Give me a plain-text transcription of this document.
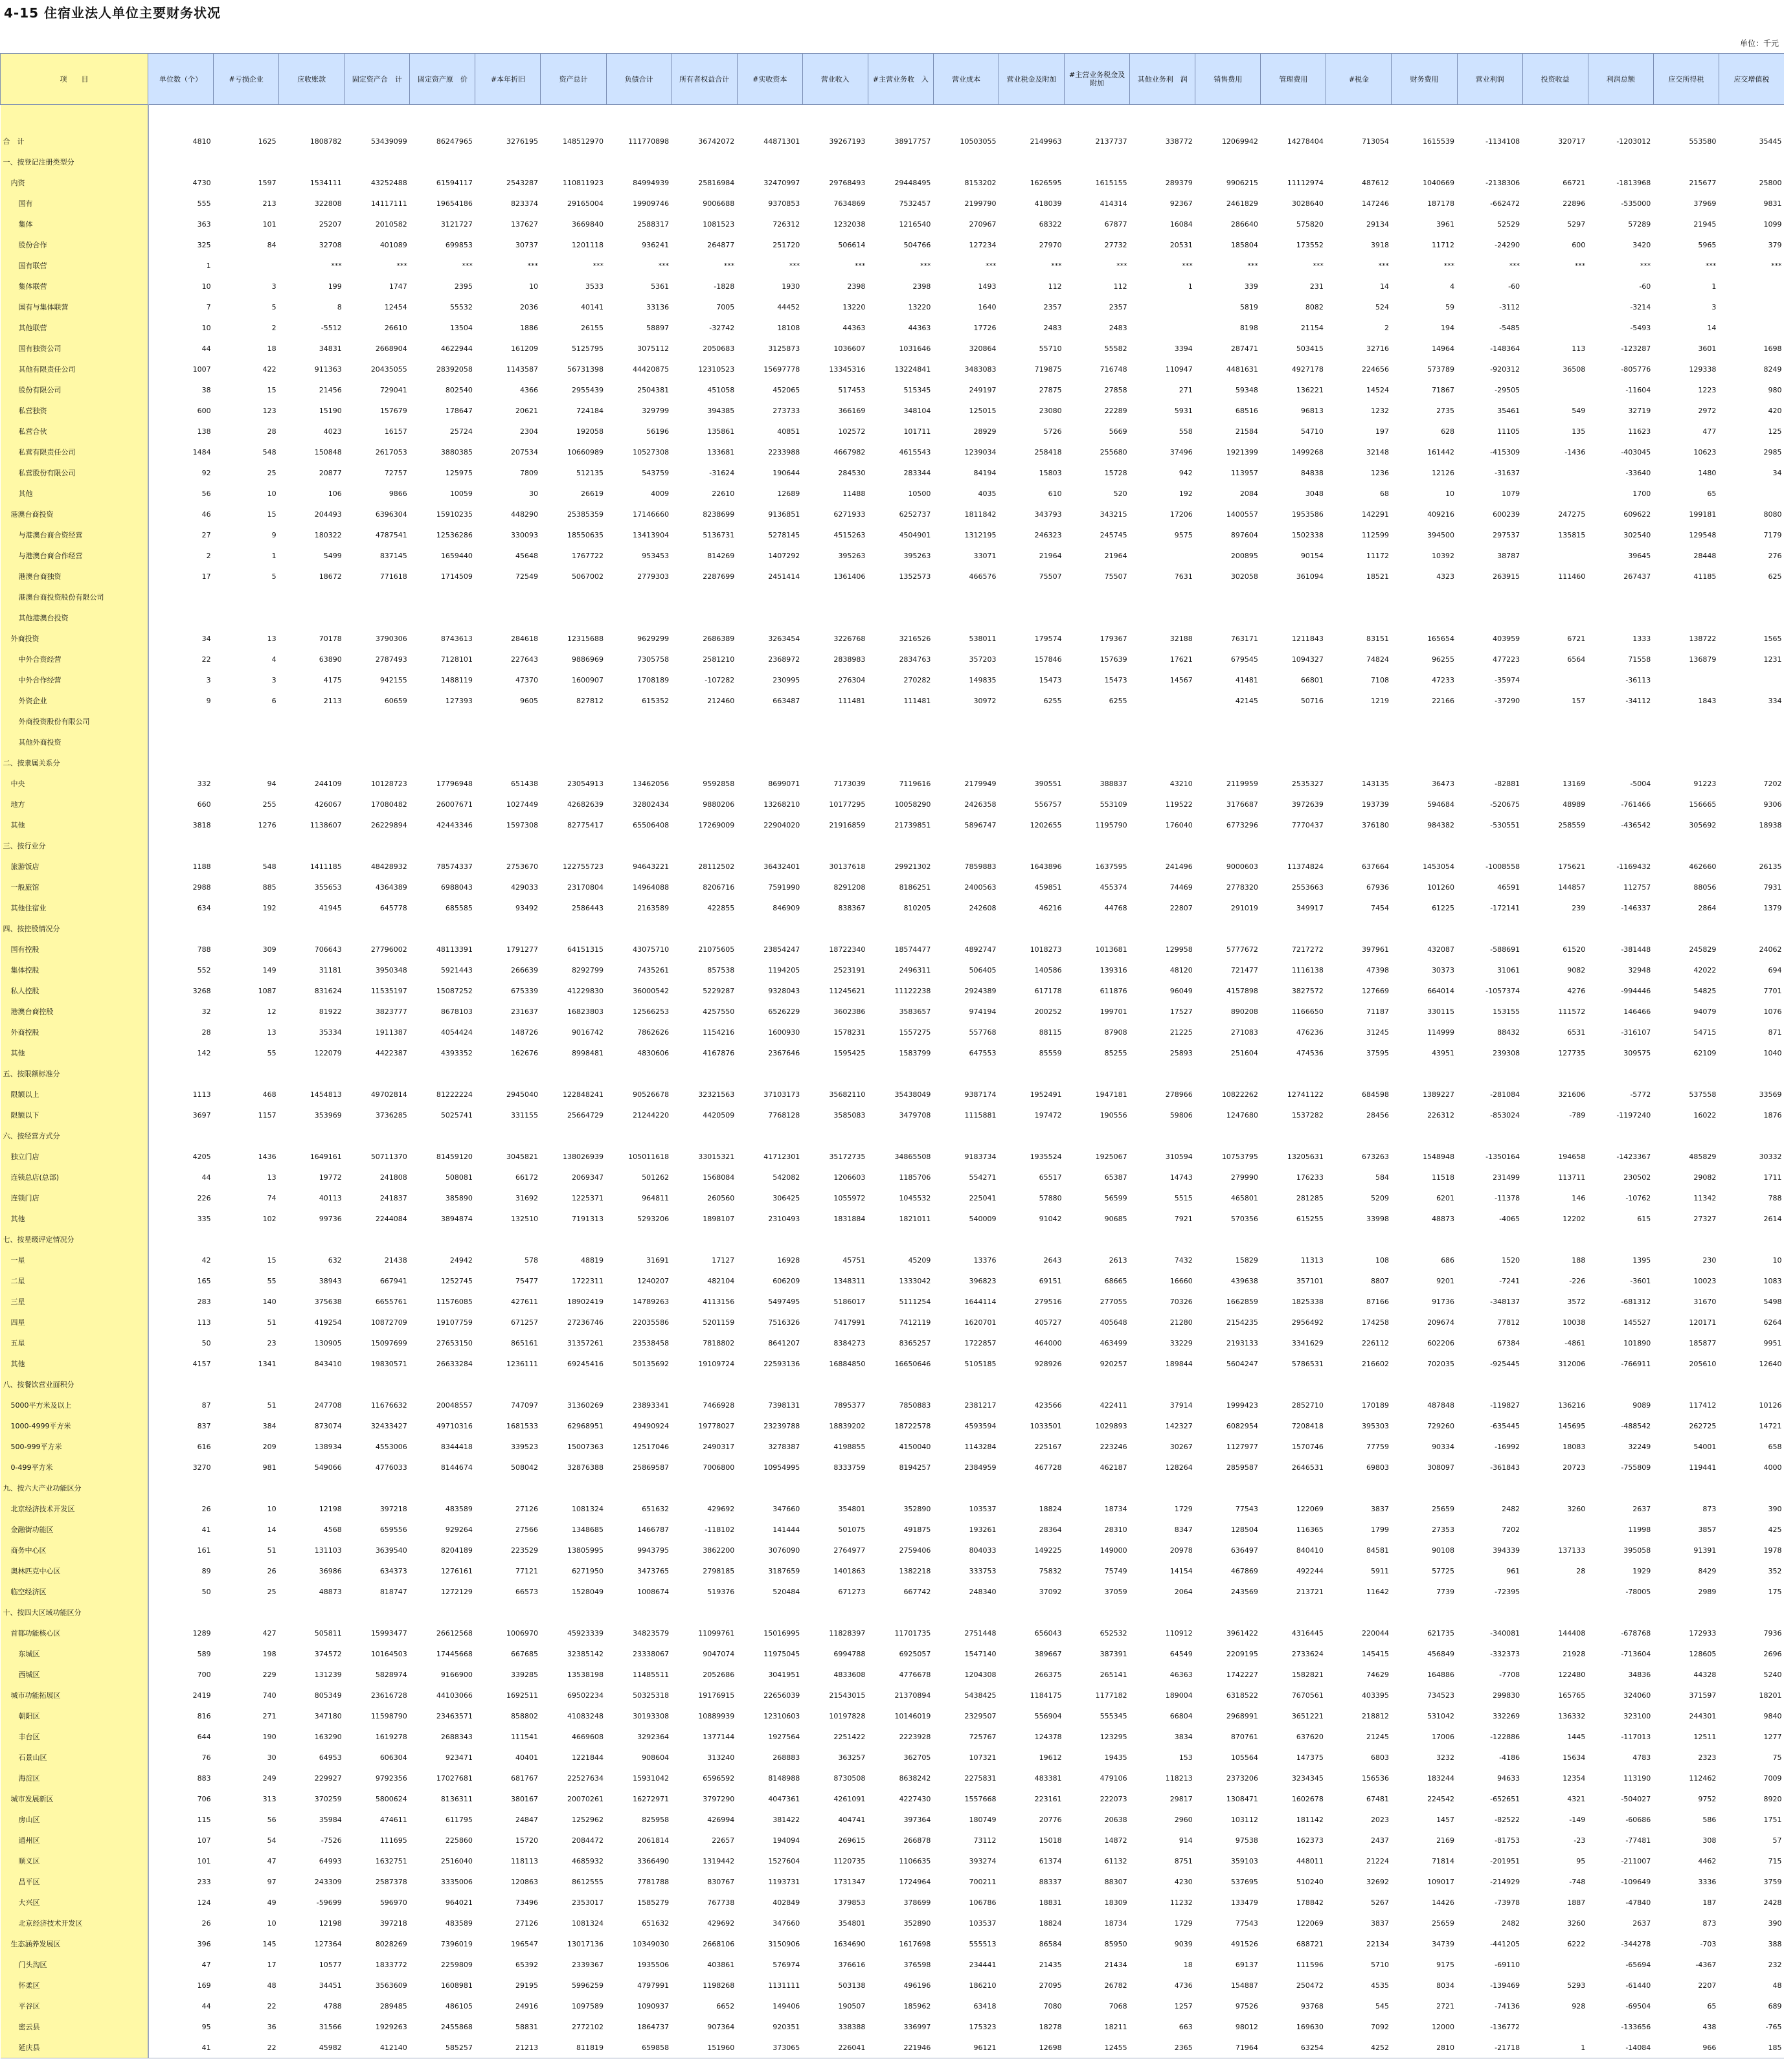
4-15 住宿业法人单位主要财务状况
单位：千元
项　　目	单位数（个）	#亏损企业	应收账款	固定资产合　计	固定资产原　价	#本年折旧	资产总计	负债合计	所有者权益合计	#实收资本	营业收入	#主营业务收　入	营业成本	营业税金及附加	#主营业务税金及附加	其他业务利　润	销售费用	管理费用	#税金	财务费用	营业利润	投资收益	利润总额	应交所得税	应交增值税

合　计	4810	1625	1808782	53439099	86247965	3276195	148512970	111770898	36742072	44871301	39267193	38917757	10503055	2149963	2137737	338772	12069942	14278404	713054	1615539	-1134108	320717	-1203012	553580	35445
一、按登记注册类型分																									
内资	4730	1597	1534111	43252488	61594117	2543287	110811923	84994939	25816984	32470997	29768493	29448495	8153202	1626595	1615155	289379	9906215	11112974	487612	1040669	-2138306	66721	-1813968	215677	25800
国有	555	213	322808	14117111	19654186	823374	29165004	19909746	9006688	9370853	7634869	7532457	2199790	418039	414314	92367	2461829	3028640	147246	187178	-662472	22896	-535000	37969	9831
集体	363	101	25207	2010582	3121727	137627	3669840	2588317	1081523	726312	1232038	1216540	270967	68322	67877	16084	286640	575820	29134	3961	52529	5297	57289	21945	1099
股份合作	325	84	32708	401089	699853	30737	1201118	936241	264877	251720	506614	504766	127234	27970	27732	20531	185804	173552	3918	11712	-24290	600	3420	5965	379
国有联营	1		***	***	***	***	***	***	***	***	***	***	***	***	***	***	***	***	***	***	***	***	***	***	***
集体联营	10	3	199	1747	2395	10	3533	5361	-1828	1930	2398	2398	1493	112	112	1	339	231	14	4	-60		-60	1	
国有与集体联营	7	5	8	12454	55532	2036	40141	33136	7005	44452	13220	13220	1640	2357	2357		5819	8082	524	59	-3112		-3214	3	
其他联营	10	2	-5512	26610	13504	1886	26155	58897	-32742	18108	44363	44363	17726	2483	2483		8198	21154	2	194	-5485		-5493	14	
国有独资公司	44	18	34831	2668904	4622944	161209	5125795	3075112	2050683	3125873	1036607	1031646	320864	55710	55582	3394	287471	503415	32716	14964	-148364	113	-123287	3601	1698
其他有限责任公司	1007	422	911363	20435055	28392058	1143587	56731398	44420875	12310523	15697778	13345316	13224841	3483083	719875	716748	110947	4481631	4927178	224656	573789	-920312	36508	-805776	129338	8249
股份有限公司	38	15	21456	729041	802540	4366	2955439	2504381	451058	452065	517453	515345	249197	27875	27858	271	59348	136221	14524	71867	-29505		-11604	1223	980
私营独资	600	123	15190	157679	178647	20621	724184	329799	394385	273733	366169	348104	125015	23080	22289	5931	68516	96813	1232	2735	35461	549	32719	2972	420
私营合伙	138	28	4023	16157	25724	2304	192058	56196	135861	40851	102572	101711	28929	5726	5669	558	21584	54710	197	628	11105	135	11623	477	125
私营有限责任公司	1484	548	150848	2617053	3880385	207534	10660989	10527308	133681	2233988	4667982	4615543	1239034	258418	255680	37496	1921399	1499268	32148	161442	-415309	-1436	-403045	10623	2985
私营股份有限公司	92	25	20877	72757	125975	7809	512135	543759	-31624	190644	284530	283344	84194	15803	15728	942	113957	84838	1236	12126	-31637		-33640	1480	34
其他	56	10	106	9866	10059	30	26619	4009	22610	12689	11488	10500	4035	610	520	192	2084	3048	68	10	1079		1700	65	
港澳台商投资	46	15	204493	6396304	15910235	448290	25385359	17146660	8238699	9136851	6271933	6252737	1811842	343793	343215	17206	1400557	1953586	142291	409216	600239	247275	609622	199181	8080
与港澳台商合资经营	27	9	180322	4787541	12536286	330093	18550635	13413904	5136731	5278145	4515263	4504901	1312195	246323	245745	9575	897604	1502338	112599	394500	297537	135815	302540	129548	7179
与港澳台商合作经营	2	1	5499	837145	1659440	45648	1767722	953453	814269	1407292	395263	395263	33071	21964	21964		200895	90154	11172	10392	38787		39645	28448	276
港澳台商独资	17	5	18672	771618	1714509	72549	5067002	2779303	2287699	2451414	1361406	1352573	466576	75507	75507	7631	302058	361094	18521	4323	263915	111460	267437	41185	625
港澳台商投资股份有限公司																									
其他港澳台投资																									
外商投资	34	13	70178	3790306	8743613	284618	12315688	9629299	2686389	3263454	3226768	3216526	538011	179574	179367	32188	763171	1211843	83151	165654	403959	6721	1333	138722	1565
中外合资经营	22	4	63890	2787493	7128101	227643	9886969	7305758	2581210	2368972	2838983	2834763	357203	157846	157639	17621	679545	1094327	74824	96255	477223	6564	71558	136879	1231
中外合作经营	3	3	4175	942155	1488119	47370	1600907	1708189	-107282	230995	276304	270282	149835	15473	15473	14567	41481	66801	7108	47233	-35974		-36113		
外资企业	9	6	2113	60659	127393	9605	827812	615352	212460	663487	111481	111481	30972	6255	6255		42145	50716	1219	22166	-37290	157	-34112	1843	334
外商投资股份有限公司																									
其他外商投资																									
二、按隶属关系分																									
中央	332	94	244109	10128723	17796948	651438	23054913	13462056	9592858	8699071	7173039	7119616	2179949	390551	388837	43210	2119959	2535327	143135	36473	-82881	13169	-5004	91223	7202
地方	660	255	426067	17080482	26007671	1027449	42682639	32802434	9880206	13268210	10177295	10058290	2426358	556757	553109	119522	3176687	3972639	193739	594684	-520675	48989	-761466	156665	9306
其他	3818	1276	1138607	26229894	42443346	1597308	82775417	65506408	17269009	22904020	21916859	21739851	5896747	1202655	1195790	176040	6773296	7770437	376180	984382	-530551	258559	-436542	305692	18938
三、按行业分																									
旅游饭店	1188	548	1411185	48428932	78574337	2753670	122755723	94643221	28112502	36432401	30137618	29921302	7859883	1643896	1637595	241496	9000603	11374824	637664	1453054	-1008558	175621	-1169432	462660	26135
一般旅馆	2988	885	355653	4364389	6988043	429033	23170804	14964088	8206716	7591990	8291208	8186251	2400563	459851	455374	74469	2778320	2553663	67936	101260	46591	144857	112757	88056	7931
其他住宿业	634	192	41945	645778	685585	93492	2586443	2163589	422855	846909	838367	810205	242608	46216	44768	22807	291019	349917	7454	61225	-172141	239	-146337	2864	1379
四、按控股情况分																									
国有控股	788	309	706643	27796002	48113391	1791277	64151315	43075710	21075605	23854247	18722340	18574477	4892747	1018273	1013681	129958	5777672	7217272	397961	432087	-588691	61520	-381448	245829	24062
集体控股	552	149	31181	3950348	5921443	266639	8292799	7435261	857538	1194205	2523191	2496311	506405	140586	139316	48120	721477	1116138	47398	30373	31061	9082	32948	42022	694
私人控股	3268	1087	831624	11535197	15087252	675339	41229830	36000542	5229287	9328043	11245621	11122238	2924389	617178	611876	96049	4157898	3827572	127669	664014	-1057374	4276	-994446	54825	7701
港澳台商控股	32	12	81922	3823777	8678103	231637	16823803	12566253	4257550	6526229	3602386	3583657	974194	200252	199701	17527	890208	1166650	71187	330115	153155	111572	146466	94079	1076
外商控股	28	13	35334	1911387	4054424	148726	9016742	7862626	1154216	1600930	1578231	1557275	557768	88115	87908	21225	271083	476236	31245	114999	88432	6531	-316107	54715	871
其他	142	55	122079	4422387	4393352	162676	8998481	4830606	4167876	2367646	1595425	1583799	647553	85559	85255	25893	251604	474536	37595	43951	239308	127735	309575	62109	1040
五、按限额标准分																									
限额以上	1113	468	1454813	49702814	81222224	2945040	122848241	90526678	32321563	37103173	35682110	35438049	9387174	1952491	1947181	278966	10822262	12741122	684598	1389227	-281084	321606	-5772	537558	33569
限额以下	3697	1157	353969	3736285	5025741	331155	25664729	21244220	4420509	7768128	3585083	3479708	1115881	197472	190556	59806	1247680	1537282	28456	226312	-853024	-789	-1197240	16022	1876
六、按经营方式分																									
独立门店	4205	1436	1649161	50711370	81459120	3045821	138026939	105011618	33015321	41712301	35172735	34865508	9183734	1935524	1925067	310594	10753795	13205631	673263	1548948	-1350164	194658	-1423367	485829	30332
连锁总店(总部)	44	13	19772	241808	508081	66172	2069347	501262	1568084	542082	1206603	1185706	554271	65517	65387	14743	279990	176233	584	11518	231499	113711	230502	29082	1711
连锁门店	226	74	40113	241837	385890	31692	1225371	964811	260560	306425	1055972	1045532	225041	57880	56599	5515	465801	281285	5209	6201	-11378	146	-10762	11342	788
其他	335	102	99736	2244084	3894874	132510	7191313	5293206	1898107	2310493	1831884	1821011	540009	91042	90685	7921	570356	615255	33998	48873	-4065	12202	615	27327	2614
七、按星级评定情况分																									
一星	42	15	632	21438	24942	578	48819	31691	17127	16928	45751	45209	13376	2643	2613	7432	15829	11313	108	686	1520	188	1395	230	10
二星	165	55	38943	667941	1252745	75477	1722311	1240207	482104	606209	1348311	1333042	396823	69151	68665	16660	439638	357101	8807	9201	-7241	-226	-3601	10023	1083
三星	283	140	375638	6655761	11576085	427611	18902419	14789263	4113156	5497495	5186017	5111254	1644114	279516	277055	70326	1662859	1825338	87166	91736	-348137	3572	-681312	31670	5498
四星	113	51	419254	10872709	19107759	671257	27236746	22035586	5201159	7516326	7417991	7412119	1620701	405727	405648	21280	2154235	2956492	174258	209674	77812	10038	145527	120171	6264
五星	50	23	130905	15097699	27653150	865161	31357261	23538458	7818802	8641207	8384273	8365257	1722857	464000	463499	33229	2193133	3341629	226112	602206	67384	-4861	101890	185877	9951
其他	4157	1341	843410	19830571	26633284	1236111	69245416	50135692	19109724	22593136	16884850	16650646	5105185	928926	920257	189844	5604247	5786531	216602	702035	-925445	312006	-766911	205610	12640
八、按餐饮营业面积分																									
5000平方米及以上	87	51	247708	11676632	20048557	747097	31360269	23893341	7466928	7398131	7895377	7850883	2381217	423566	422411	37914	1999423	2852710	170189	487848	-119827	136216	9089	117412	10126
1000-4999平方米	837	384	873074	32433427	49710316	1681533	62968951	49490924	19778027	23239788	18839202	18722578	4593594	1033501	1029893	142327	6082954	7208418	395303	729260	-635445	145695	-488542	262725	14721
500-999平方米	616	209	138934	4553006	8344418	339523	15007363	12517046	2490317	3278387	4198855	4150040	1143284	225167	223246	30267	1127977	1570746	77759	90334	-16992	18083	32249	54001	658
0-499平方米	3270	981	549066	4776033	8144674	508042	32876388	25869587	7006800	10954995	8333759	8194257	2384959	467728	462187	128264	2859587	2646531	69803	308097	-361843	20723	-755809	119441	4000
九、按六大产业功能区分																									
北京经济技术开发区	26	10	12198	397218	483589	27126	1081324	651632	429692	347660	354801	352890	103537	18824	18734	1729	77543	122069	3837	25659	2482	3260	2637	873	390
金融街功能区	41	14	4568	659556	929264	27566	1348685	1466787	-118102	141444	501075	491875	193261	28364	28310	8347	128504	116365	1799	27353	7202		11998	3857	425
商务中心区	161	51	131103	3639540	8204189	223529	13805995	9943795	3862200	3076090	2764977	2759406	804033	149225	149000	20978	636497	840410	84581	90108	394339	137133	395058	91391	1978
奥林匹克中心区	89	26	36986	634373	1276161	77121	6271950	3473765	2798185	3187659	1401863	1382218	333753	75832	75749	14154	467869	492244	5911	57725	961	28	1929	8429	352
临空经济区	50	25	48873	818747	1272129	66573	1528049	1008674	519376	520484	671273	667742	248340	37092	37059	2064	243569	213721	11642	7739	-72395		-78005	2989	175
十、按四大区域功能区分																									
首都功能核心区	1289	427	505811	15993477	26612568	1006970	45923339	34823579	11099761	15016995	11828397	11701735	2751448	656043	652532	110912	3961422	4316445	220044	621735	-340081	144408	-678768	172933	7936
东城区	589	198	374572	10164503	17445668	667685	32385142	23338067	9047074	11975045	6994788	6925057	1547140	389667	387391	64549	2209195	2733624	145415	456849	-332373	21928	-713604	128605	2696
西城区	700	229	131239	5828974	9166900	339285	13538198	11485511	2052686	3041951	4833608	4776678	1204308	266375	265141	46363	1742227	1582821	74629	164886	-7708	122480	34836	44328	5240
城市功能拓展区	2419	740	805349	23616728	44103066	1692511	69502234	50325318	19176915	22656039	21543015	21370894	5438425	1184175	1177182	189004	6318522	7670561	403395	734523	299830	165765	324060	371597	18201
朝阳区	816	271	347180	11598790	23463571	858802	41083248	30193308	10889939	12310603	10197828	10146019	2329507	556904	555345	66804	2968991	3651221	218812	531042	332269	136332	323100	244301	9840
丰台区	644	190	163290	1619278	2688343	111541	4669608	3292364	1377144	1927564	2251422	2223928	725767	124378	123295	3834	870761	637620	21245	17006	-122886	1445	-117013	12511	1277
石景山区	76	30	64953	606304	923471	40401	1221844	908604	313240	268883	363257	362705	107321	19612	19435	153	105564	147375	6803	3232	-4186	15634	4783	2323	75
海淀区	883	249	229927	9792356	17027681	681767	22527634	15931042	6596592	8148988	8730508	8638242	2275831	483381	479106	118213	2373206	3234345	156536	183244	94633	12354	113190	112462	7009
城市发展新区	706	313	370259	5800624	8136311	380167	20070261	16272971	3797290	4047361	4261091	4227430	1557668	223161	222073	29817	1308471	1602678	67481	224542	-652651	4321	-504027	9752	8920
房山区	115	56	35984	474611	611795	24847	1252962	825958	426994	381422	404741	397364	180749	20776	20638	2960	103112	181142	2023	1457	-82522	-149	-60686	586	1751
通州区	107	54	-7526	111695	225860	15720	2084472	2061814	22657	194094	269615	266878	73112	15018	14872	914	97538	162373	2437	2169	-81753	-23	-77481	308	57
顺义区	101	47	64993	1632751	2516040	118113	4685932	3366490	1319442	1527604	1120735	1106635	393274	61374	61132	8751	359103	448011	21224	71814	-201951	95	-211007	4462	715
昌平区	233	97	243309	2587378	3335006	120863	8612555	7781788	830767	1193731	1731347	1724964	700211	88337	88307	4230	537695	510240	32692	109017	-214929	-748	-109649	3336	3759
大兴区	124	49	-59699	596970	964021	73496	2353017	1585279	767738	402849	379853	378699	106786	18831	18309	11232	133479	178842	5267	14426	-73978	1887	-47840	187	2428
北京经济技术开发区	26	10	12198	397218	483589	27126	1081324	651632	429692	347660	354801	352890	103537	18824	18734	1729	77543	122069	3837	25659	2482	3260	2637	873	390
生态涵养发展区	396	145	127364	8028269	7396019	196547	13017136	10349030	2668106	3150906	1634690	1617698	555513	86584	85950	9039	491526	688721	22134	34739	-441205	6222	-344278	-703	388
门头沟区	47	17	10577	1833772	2259809	65392	2339367	1935506	403861	576974	376616	376598	234441	21435	21434	18	69137	111596	5710	9175	-69110		-65694	-4367	232
怀柔区	169	48	34451	3563609	1608981	29195	5996259	4797991	1198268	1131111	503138	496196	186210	27095	26782	4736	154887	250472	4535	8034	-139469	5293	-61440	2207	48
平谷区	44	22	4788	289485	486105	24916	1097589	1090937	6652	149406	190507	185962	63418	7080	7068	1257	97526	93768	545	2721	-74136	928	-69504	65	689
密云县	95	36	31566	1929263	2455868	58831	2772102	1864737	907364	920351	338388	336997	175323	18278	18211	663	98012	169630	7092	12000	-136772		-133656	438	-765
延庆县	41	22	45982	412140	585257	21213	811819	659858	151960	373065	226041	221946	96121	12698	12455	2365	71964	63254	4252	2810	-21718	1	-14084	966	185
